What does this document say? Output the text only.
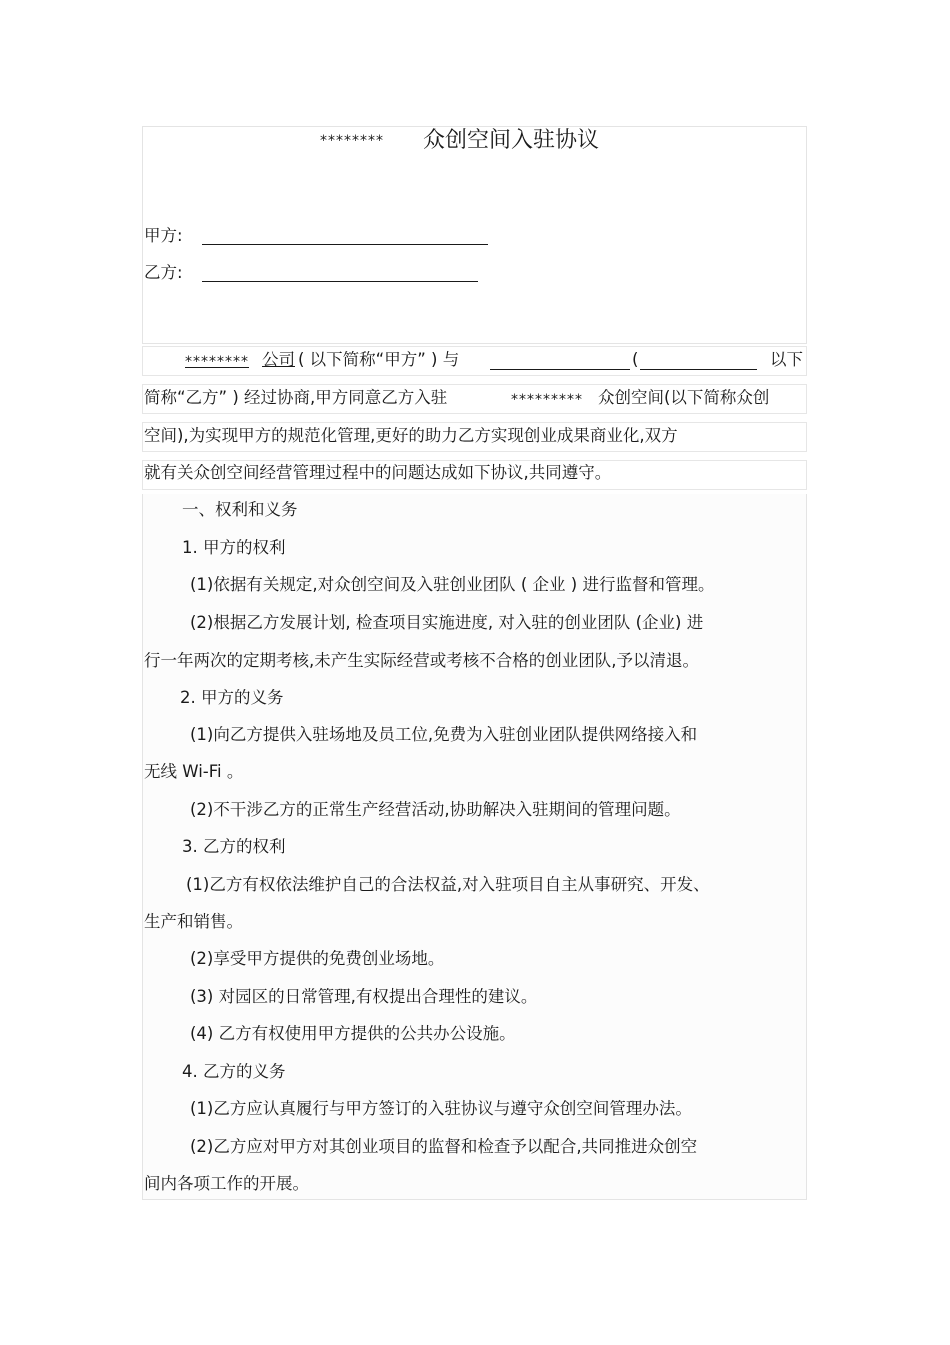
******** 众创空间入驻协议
甲方:
乙方:
******** 公司 ( 以下简称“甲方” ) 与	(	以下
简称“乙方” ) 经过协商,甲方同意乙方入驻	********* 众创空间(以下简称众创
空间),为实现甲方的规范化管理,更好的助力乙方实现创业成果商业化,双方
就有关众创空间经营管理过程中的问题达成如下协议,共同遵守。
一、权利和义务
1. 甲方的权利
(1)依据有关规定,对众创空间及入驻创业团队 ( 企业 ) 进行监督和管理。
(2)根据乙方发展计划, 检查项目实施进度, 对入驻的创业团队 (企业) 进
行一年两次的定期考核,未产生实际经营或考核不合格的创业团队,予以清退。
2. 甲方的义务
(1)向乙方提供入驻场地及员工位,免费为入驻创业团队提供网络接入和
无线 Wi-Fi 。
(2)不干涉乙方的正常生产经营活动,协助解决入驻期间的管理问题。
3. 乙方的权利
(1)乙方有权依法维护自己的合法权益,对入驻项目自主从事研究、开发、
生产和销售。
(2)享受甲方提供的免费创业场地。
(3) 对园区的日常管理,有权提出合理性的建议。
(4) 乙方有权使用甲方提供的公共办公设施。
4. 乙方的义务
(1)乙方应认真履行与甲方签订的入驻协议与遵守众创空间管理办法。
(2)乙方应对甲方对其创业项目的监督和检查予以配合,共同推进众创空
间内各项工作的开展。
